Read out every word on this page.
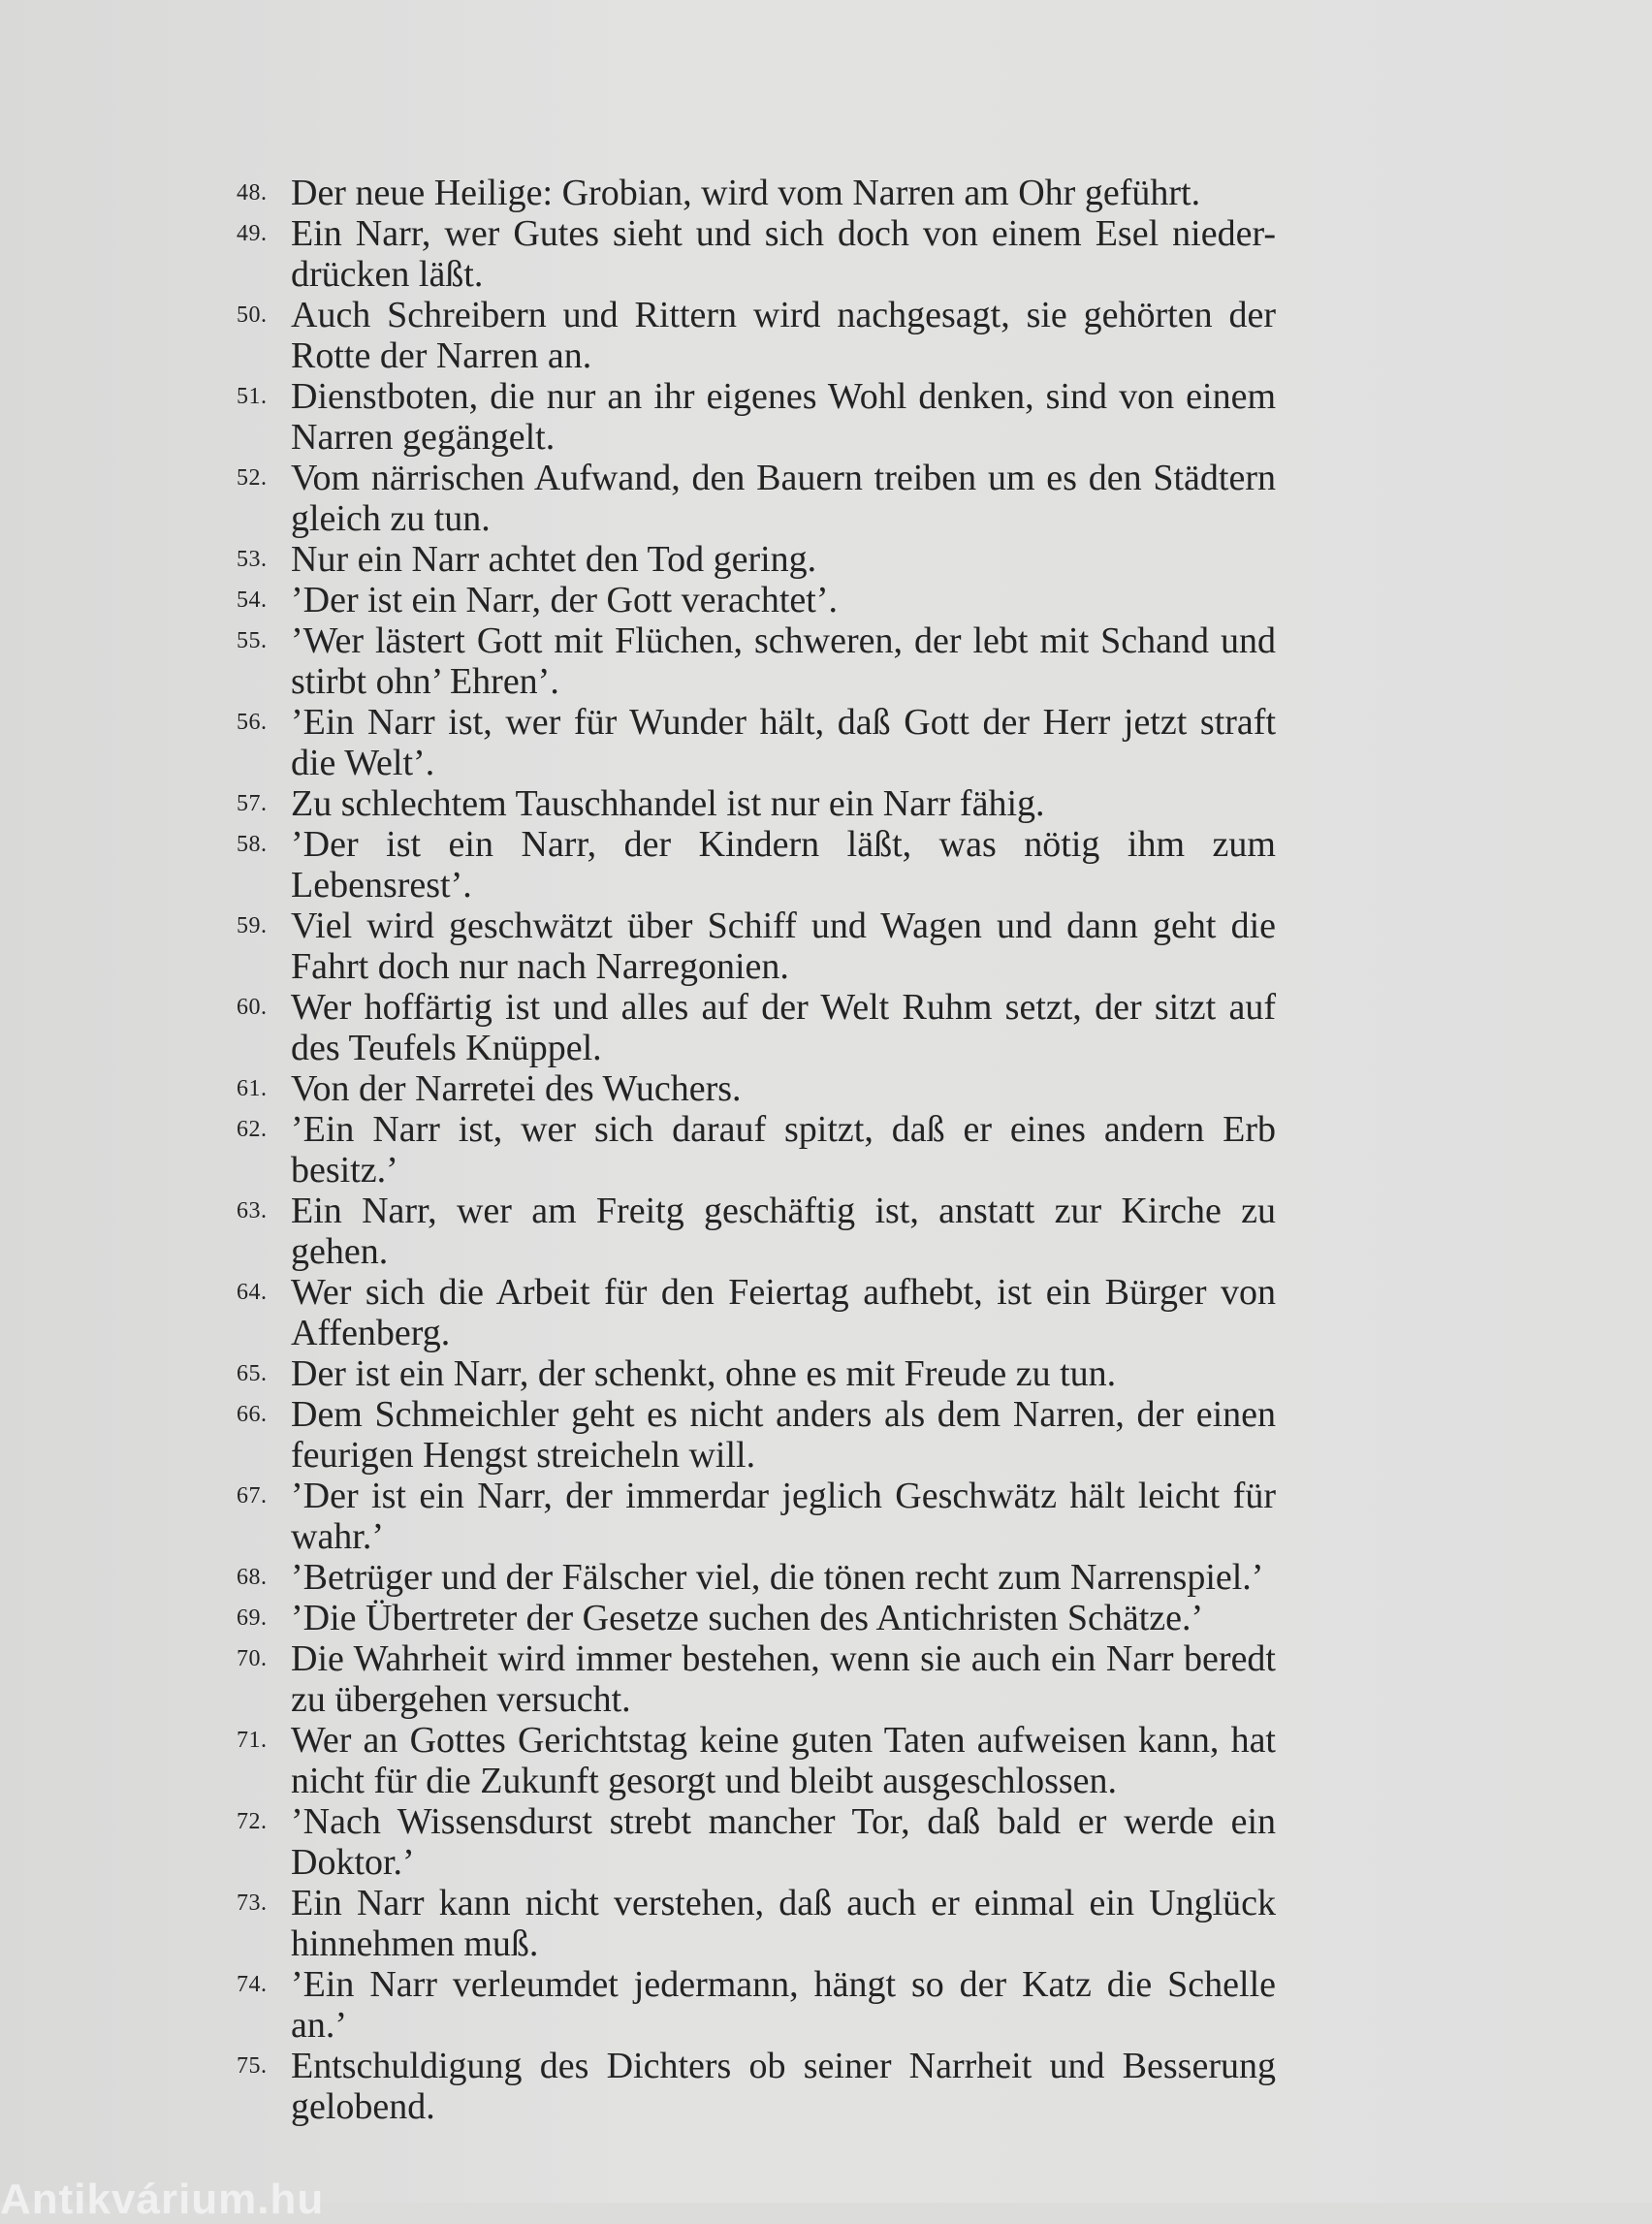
48. Der neue Heilige: Grobian, wird vom Narren am Ohr geführt.
49. Ein Narr, wer Gutes sieht und sich doch von einem Esel nieder-drücken läßt.
50. Auch Schreibern und Rittern wird nachgesagt, sie gehörten der Rotte der Narren an.
51. Dienstboten, die nur an ihr eigenes Wohl denken, sind von einem Narren gegängelt.
52. Vom närrischen Aufwand, den Bauern treiben um es den Städtern gleich zu tun.
53. Nur ein Narr achtet den Tod gering.
54. ’Der ist ein Narr, der Gott verachtet’.
55. ’Wer lästert Gott mit Flüchen, schweren, der lebt mit Schand und stirbt ohn’ Ehren’.
56. ’Ein Narr ist, wer für Wunder hält, daß Gott der Herr jetzt straft die Welt’.
57. Zu schlechtem Tauschhandel ist nur ein Narr fähig.
58. ’Der ist ein Narr, der Kindern läßt, was nötig ihm zum Lebensrest’.
59. Viel wird geschwätzt über Schiff und Wagen und dann geht die Fahrt doch nur nach Narregonien.
60. Wer hoffärtig ist und alles auf der Welt Ruhm setzt, der sitzt auf des Teufels Knüppel.
61. Von der Narretei des Wuchers.
62. ’Ein Narr ist, wer sich darauf spitzt, daß er eines andern Erb besitz.’
63. Ein Narr, wer am Freitg geschäftig ist, anstatt zur Kirche zu gehen.
64. Wer sich die Arbeit für den Feiertag aufhebt, ist ein Bürger von Affenberg.
65. Der ist ein Narr, der schenkt, ohne es mit Freude zu tun.
66. Dem Schmeichler geht es nicht anders als dem Narren, der einen feurigen Hengst streicheln will.
67. ’Der ist ein Narr, der immerdar jeglich Geschwätz hält leicht für wahr.’
68. ’Betrüger und der Fälscher viel, die tönen recht zum Narrenspiel.’
69. ’Die Übertreter der Gesetze suchen des Antichristen Schätze.’
70. Die Wahrheit wird immer bestehen, wenn sie auch ein Narr beredt zu übergehen versucht.
71. Wer an Gottes Gerichtstag keine guten Taten aufweisen kann, hat nicht für die Zukunft gesorgt und bleibt ausgeschlossen.
72. ’Nach Wissensdurst strebt mancher Tor, daß bald er werde ein Doktor.’
73. Ein Narr kann nicht verstehen, daß auch er einmal ein Unglück hinnehmen muß.
74. ’Ein Narr verleumdet jedermann, hängt so der Katz die Schelle an.’
75. Entschuldigung des Dichters ob seiner Narrheit und Besserung gelobend.
Antikvárium.hu
